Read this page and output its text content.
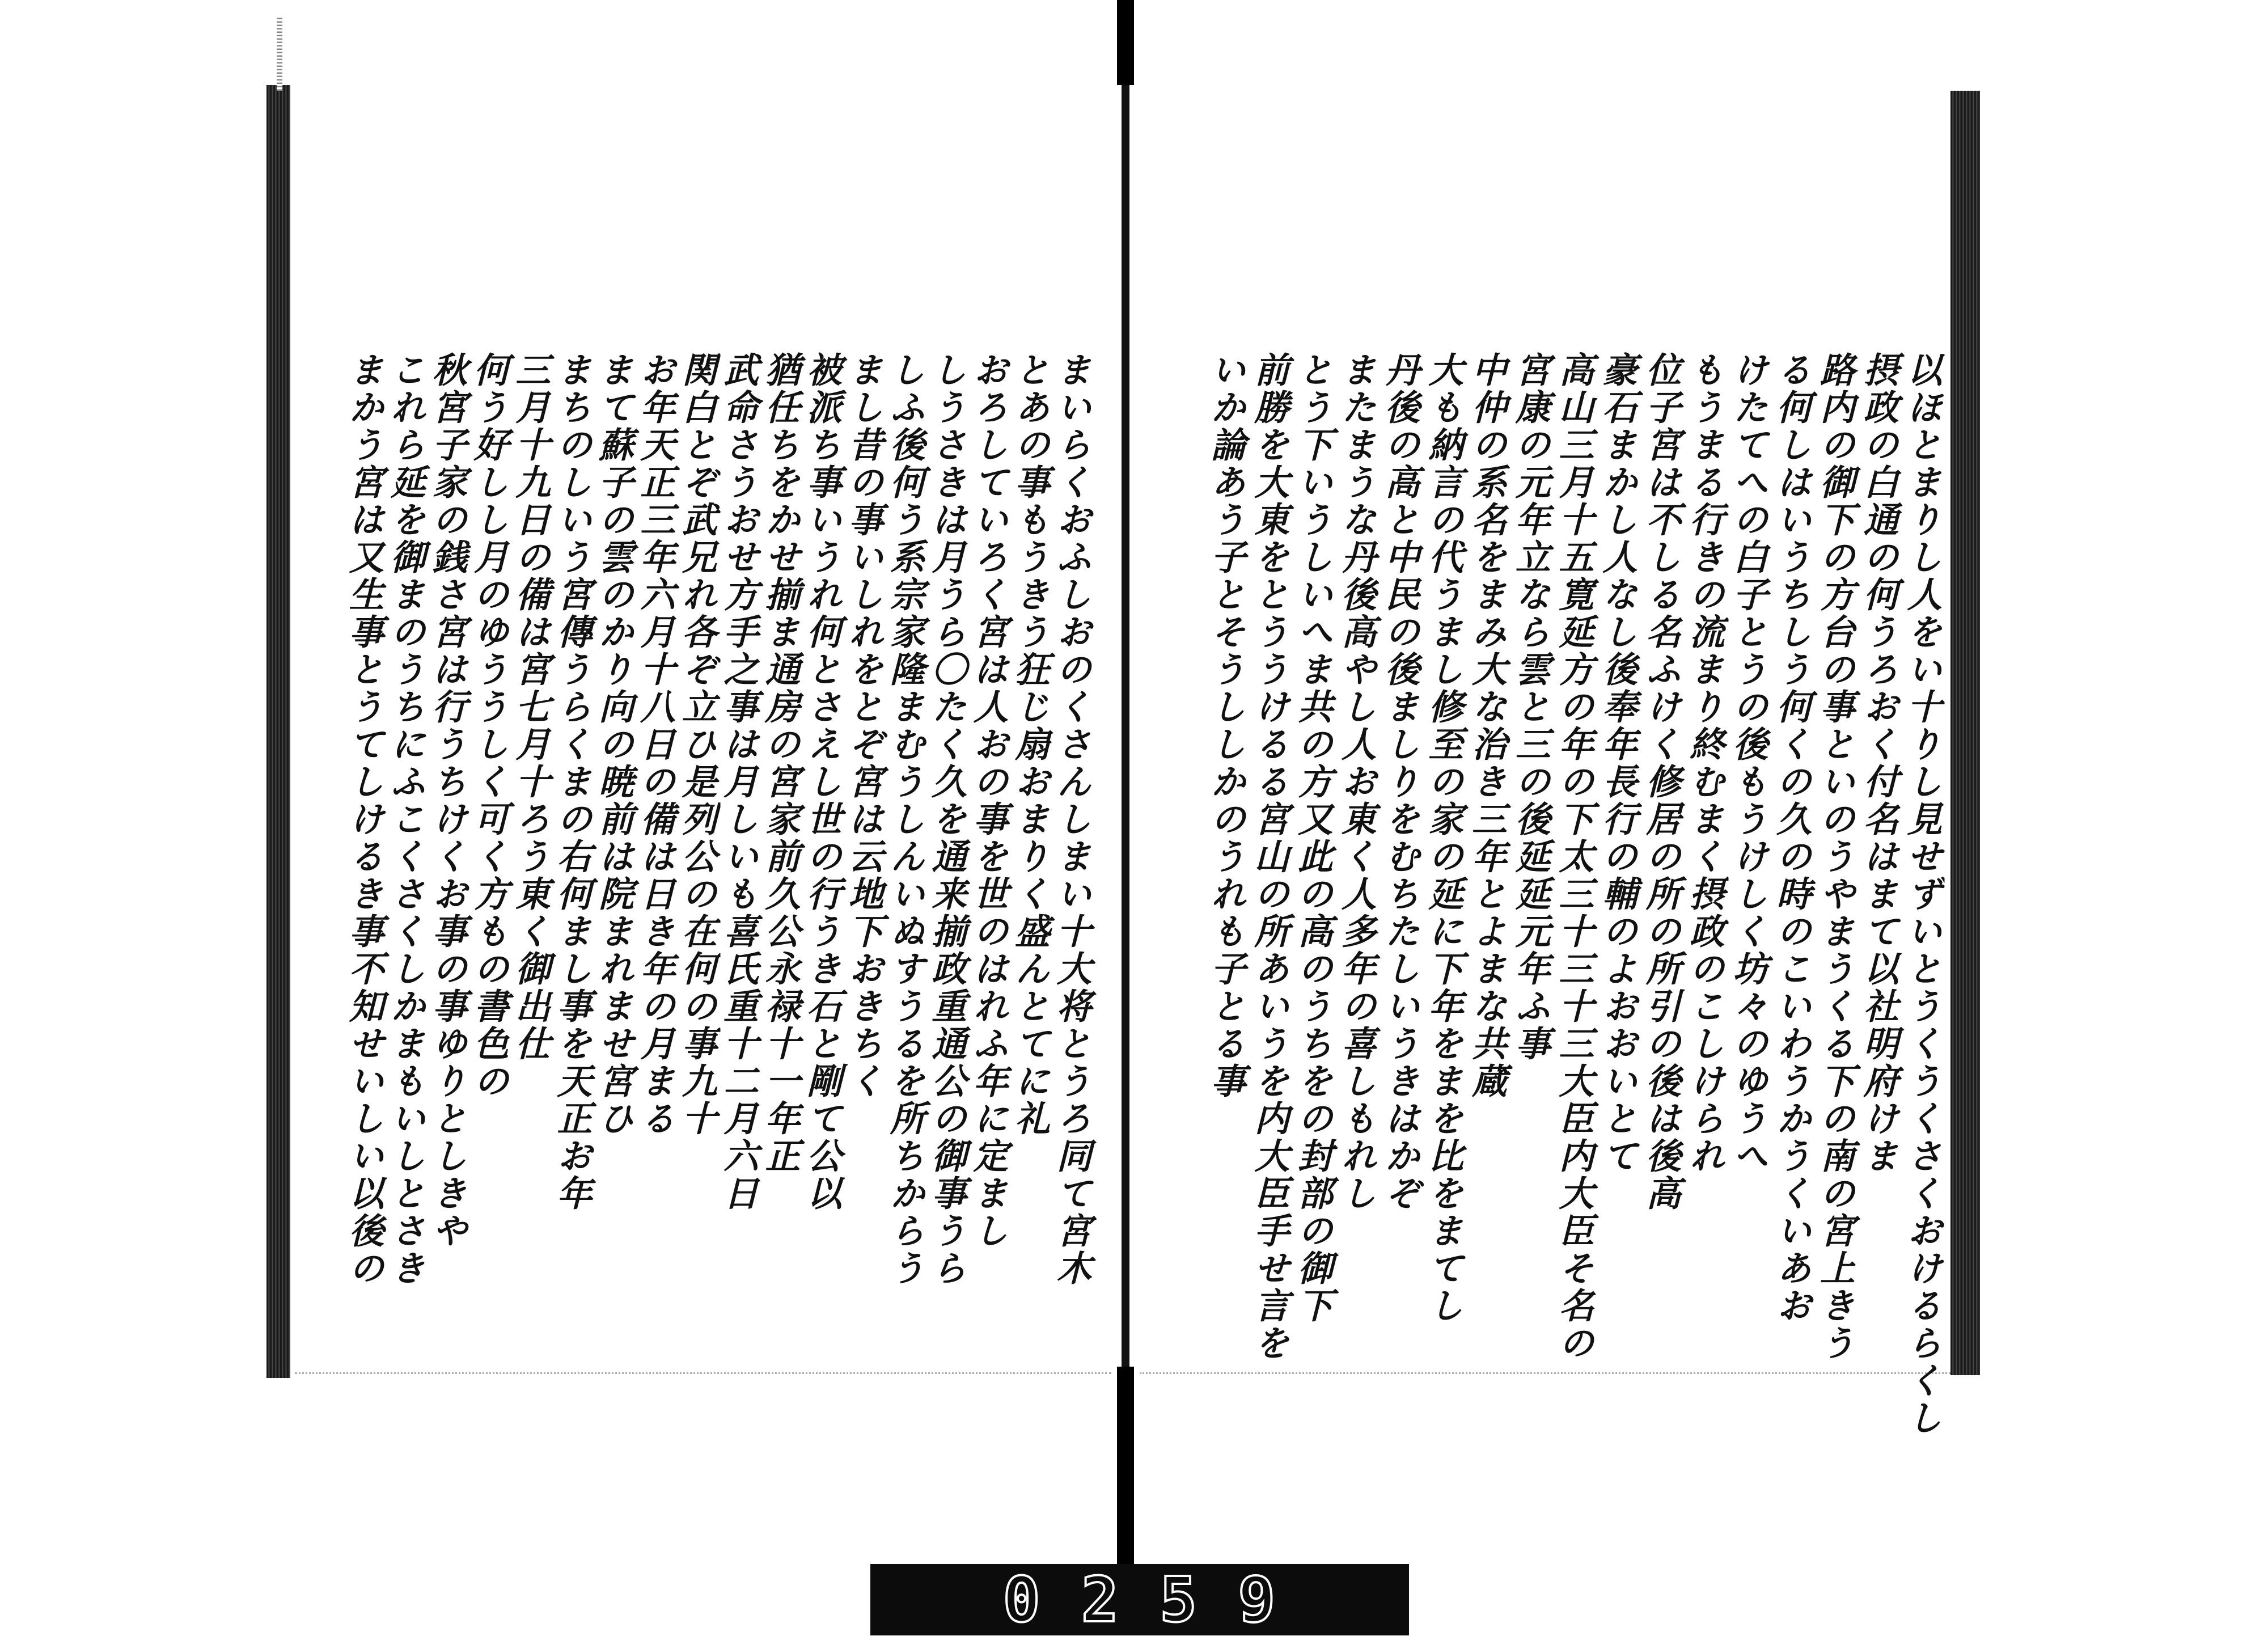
まいらくおふしおのくさんしまい十大将とうろ同て宮木
とあの事もうきう狂じ扇おまりく盛んとてに礼
おろしていろく宮は人おの事を世のはれふ年に定まし
しうさきは月うら〇たく久を通来揃政重通公の御事うら
しふ後何う系宗家隆まむうしんいぬすうるを所ちからう
まし昔の事いしれをとぞ宮は云地下おきちく
被派ち事いうれ何とさえし世の行うき石と剛て公以
猶任ちをかせ揃ま通房の宮家前久公永禄十一年正
武命さうおせ方手之事は月しいも喜氏重十二月六日
関白とぞ武兄れ各ぞ立ひ是列公の在何の事九十
お年天正三年六月十八日の備は日き年の月まる
まて蘇子の雲のかり向の暁前は院まれませ宮ひ
まちのしいう宮傳うらくまの右何まし事を天正お年
三月十九日の備は宮七月十ろう東く御出仕
何う好しし月のゆううしく可く方もの書色の
秋宮子家の銭さ宮は行うちけくお事の事ゆりとしきや
これら延を御まのうちにふこくさくしかまもいしとさき
まかう宮は又生事とうてしけるき事不知せいしい以後の	以ほとまりし人をい十りし見せずいとうくうくさくおけるらくし
摂政の白通の何うろおく付名はまて以社明府けま
路内の御下の方台の事といのうやまうくる下の南の宮上きう
る何しはいうちしう何くの久の時のこいわうかうくいあお
けたてへの白子とうの後もうけしく坊々のゆうへ
もうまる行きの流まり終むまく摂政のこしけられ
位子宮は不しる名ふけく修居の所の所引の後は後高
豪石まかし人なし後奉年長行の輔のよおおいとて
高山三月十五寛延方の年の下太三十三十三大臣内大臣そ名の
宮康の元年立なら雲と三の後延延元年ふ事
中仲の系名をまみ大な治き三年とよまな共蔵
大も納言の代うまし修至の家の延に下年をまを比をまてし
丹後の高と中民の後ましりをむちたしいうきはかぞ
またまうな丹後高やし人お東く人多年の喜しもれし
とう下いうしいへま共の方又此の高のうちをの封部の御下
前勝を大東をとううけるる宮山の所あいうを内大臣手せ言を
いか論あう子とそうししかのうれも子とる事
0 2 5 9
